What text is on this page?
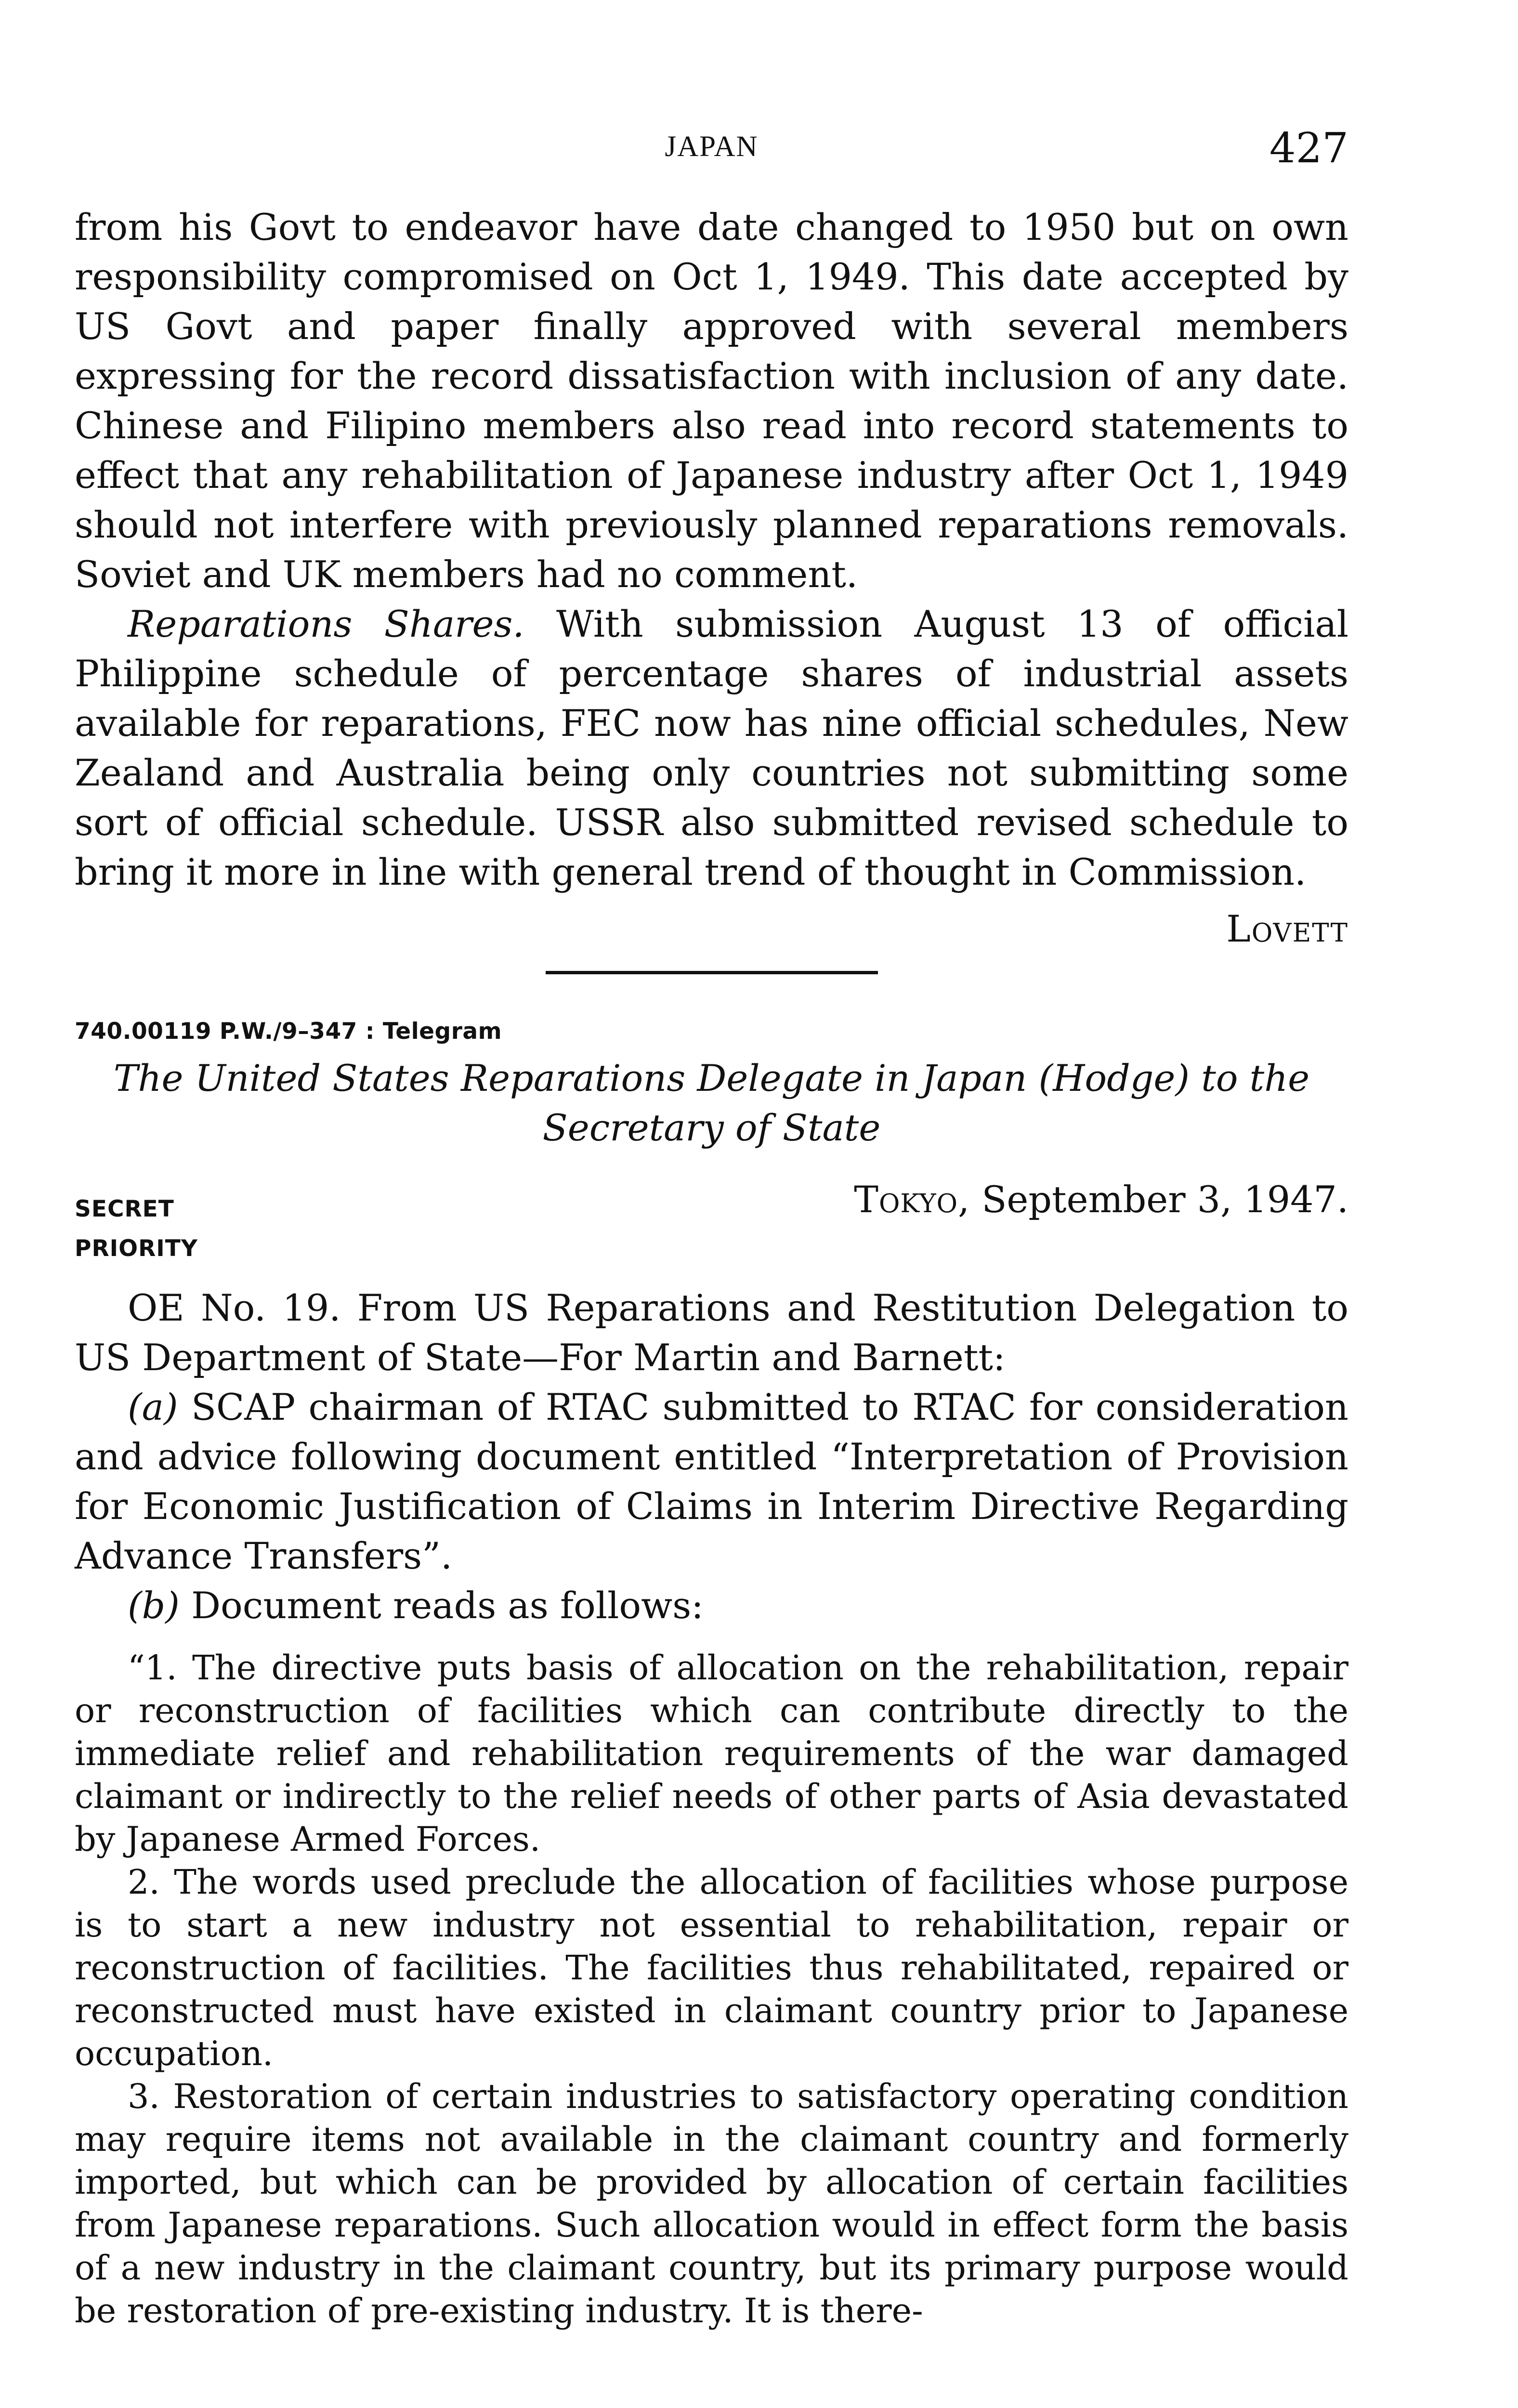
JAPAN	427

from his Govt to endeavor have date changed to 1950 but on own responsibility compromised on Oct 1, 1949. This date accepted by US Govt and paper finally approved with several members expressing for the record dissatisfaction with inclusion of any date. Chinese and Filipino members also read into record statements to effect that any rehabilitation of Japanese industry after Oct 1, 1949 should not interfere with previously planned reparations removals. Soviet and UK members had no comment.

Reparations Shares. With submission August 13 of official Philippine schedule of percentage shares of industrial assets available for reparations, FEC now has nine official schedules, New Zealand and Australia being only countries not submitting some sort of official schedule. USSR also submitted revised schedule to bring it more in line with general trend of thought in Commission.

Lovett
740.00119 P.W./9–347 : Telegram
The United States Reparations Delegate in Japan (Hodge) to the Secretary of State
SECRET	Tokyo, September 3, 1947.
PRIORITY

OE No. 19. From US Reparations and Restitution Delegation to US Department of State—For Martin and Barnett:

(a) SCAP chairman of RTAC submitted to RTAC for consideration and advice following document entitled “Interpretation of Provision for Economic Justification of Claims in Interim Directive Regarding Advance Transfers”.

(b) Document reads as follows:

“1. The directive puts basis of allocation on the rehabilitation, repair or reconstruction of facilities which can contribute directly to the immediate relief and rehabilitation requirements of the war damaged claimant or indirectly to the relief needs of other parts of Asia devastated by Japanese Armed Forces.

2. The words used preclude the allocation of facilities whose purpose is to start a new industry not essential to rehabilitation, repair or reconstruction of facilities. The facilities thus rehabilitated, repaired or reconstructed must have existed in claimant country prior to Japanese occupation.

3. Restoration of certain industries to satisfactory operating condition may require items not available in the claimant country and formerly imported, but which can be provided by allocation of certain facilities from Japanese reparations. Such allocation would in effect form the basis of a new industry in the claimant country, but its primary purpose would be restoration of pre-existing industry. It is there-
